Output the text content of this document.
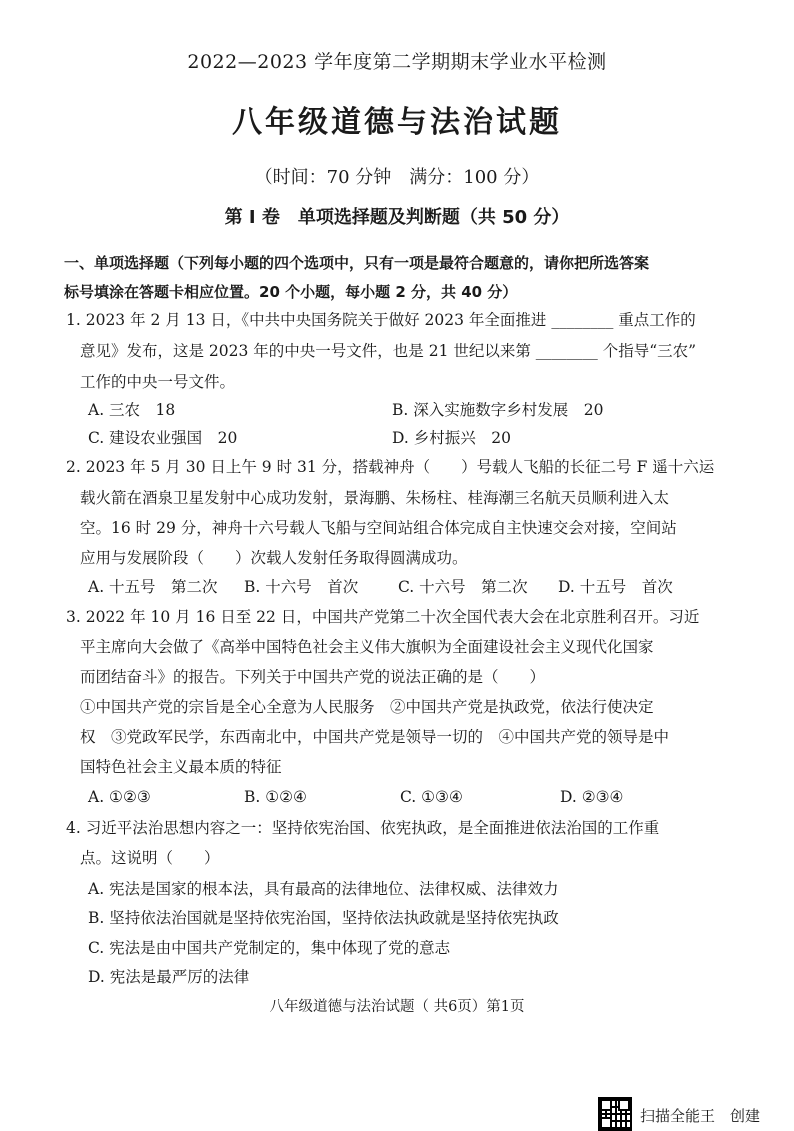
2022—2023 学年度第二学期期末学业水平检测
八年级道德与法治试题
（时间：70 分钟　满分：100 分）
第 I 卷　单项选择题及判断题（共 50 分）
一、单项选择题（下列每小题的四个选项中，只有一项是最符合题意的，请你把所选答案
标号填涂在答题卡相应位置。20 个小题，每小题 2 分，共 40 分）
1. 2023 年 2 月 13 日，《中共中央国务院关于做好 2023 年全面推进 ________ 重点工作的
意见》发布，这是 2023 年的中央一号文件，也是 21 世纪以来第 ________ 个指导“三农”
工作的中央一号文件。
A. 三农　18	B. 深入实施数字乡村发展　20
C. 建设农业强国　20	D. 乡村振兴　20
2. 2023 年 5 月 30 日上午 9 时 31 分，搭载神舟（　　）号载人飞船的长征二号 F 遥十六运
载火箭在酒泉卫星发射中心成功发射，景海鹏、朱杨柱、桂海潮三名航天员顺利进入太
空。16 时 29 分，神舟十六号载人飞船与空间站组合体完成自主快速交会对接，空间站
应用与发展阶段（　　）次载人发射任务取得圆满成功。
A. 十五号　第二次 B. 十六号　首次	C. 十六号　第二次 D. 十五号　首次
3. 2022 年 10 月 16 日至 22 日，中国共产党第二十次全国代表大会在北京胜利召开。习近
平主席向大会做了《高举中国特色社会主义伟大旗帜为全面建设社会主义现代化国家
而团结奋斗》的报告。下列关于中国共产党的说法正确的是（　　）
①中国共产党的宗旨是全心全意为人民服务　②中国共产党是执政党，依法行使决定
权　③党政军民学，东西南北中，中国共产党是领导一切的　④中国共产党的领导是中
国特色社会主义最本质的特征
A. ①②③	B. ①②④	C. ①③④	D. ②③④
4. 习近平法治思想内容之一：坚持依宪治国、依宪执政，是全面推进依法治国的工作重
点。这说明（　　）
A. 宪法是国家的根本法，具有最高的法律地位、法律权威、法律效力
B. 坚持依法治国就是坚持依宪治国，坚持依法执政就是坚持依宪执政
C. 宪法是由中国共产党制定的，集中体现了党的意志
D. 宪法是最严厉的法律
八年级道德与法治试题（ 共6页）第1页
扫描全能王　创建
